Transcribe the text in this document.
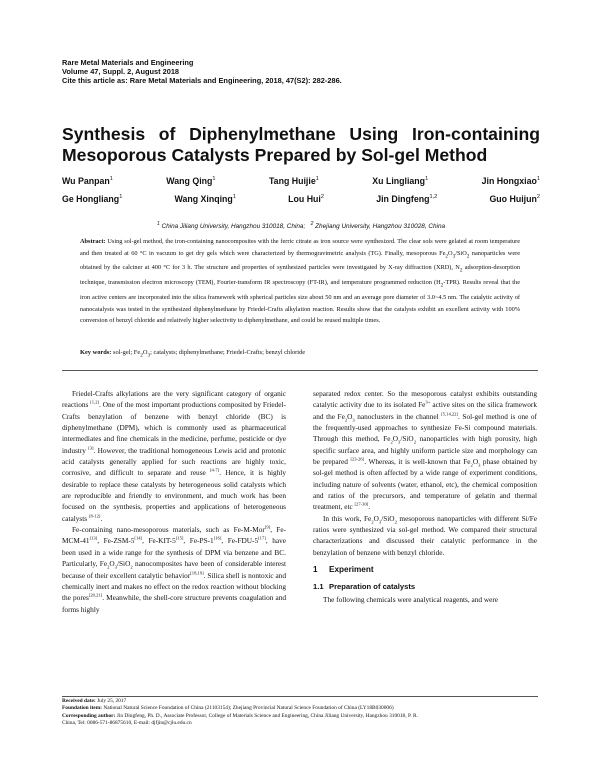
Rare Metal Materials and Engineering
Volume 47, Suppl. 2, August 2018
Cite this article as: Rare Metal Materials and Engineering, 2018, 47(S2): 282-286.
Synthesis of Diphenylmethane Using Iron-containing
Mesoporous Catalysts Prepared by Sol-gel Method
Wu Panpan$^1$	Wang Qing$^1$	Tang Huijie$^1$	Xu Lingliang$^1$	Jin Hongxiao$^1$
Ge Hongliang$^1$	Wang Xinqing$^1$	Lou Hui$^2$	Jin Dingfeng$^{1,2}$	Guo Huijun$^2$
$^1$ China Jiliang University, Hangzhou 310018, China; $^2$ Zhejiang University, Hangzhou 310028, China
Abstract: Using sol-gel method, the iron-containing nanocomposites with the ferric citrate as iron source were synthesized. The clear sols were gelated at room temperature and then treated at 60 °C in vacuum to get dry gels which were characterized by thermogravimetric analysis (TG). Finally, mesoporous $Fe_2O_3/SiO_2$ nanoparticles were obtained by the calciner at 400 °C for 3 h. The structure and properties of synthesized particles were investigated by X-ray diffraction (XRD), $N_2$ adsorption-desorption technique, transmission electron microscopy (TEM), Fourier-transform IR spectroscopy (FT-IR), and temperature programmed reduction $(H_2-TPR)$. Results reveal that the iron active centers are incorporated into the silica framework with spherical particles size about 50 nm and an average pore diameter of 3.0~4.5 nm. The catalytic activity of nanocatalysts was tested in the synthesized diphenylmethane by Friedel-Crafts alkylation reaction. Results show that the catalysts exhibit an excellent activity with 100% conversion of benzyl chloride and relatively higher selectivity to diphenylmethane, and could be reused multiple times.
Key words: sol-gel; $Fe_2O_3$; catalysts; diphenylmethane; Friedel-Crafts; benzyl chloride

Friedel-Crafts alkylations are the very significant category of organic reactions [1,2]. One of the most important productions composited by Friedel-Crafts benzylation of benzene with benzyl chloride (BC) is diphenylmethane (DPM), which is commonly used as pharmaceutical intermediates and fine chemicals in the medicine, perfume, pesticide or dye industry [3]. However, the traditional homogeneous Lewis acid and protonic acid catalysts generally applied for such reactions are highly toxic, corrosive, and difficult to separate and reuse [4-7]. Hence, it is highly desirable to replace these catalysts by heterogeneous solid catalysts which are reproducible and friendly to environment, and much work has been focused on the synthesis, properties and applications of heterogeneous catalysts [8-12].

Fe-containing nano-mesoporous materials, such as Fe-M-Mor[9], Fe-MCM-41[13], Fe-ZSM-5[14], Fe-KIT-5[15], Fe-PS-1[16], Fe-FDU-5[17], have been used in a wide range for the synthesis of DPM via benzene and BC. Particularly, $Fe_2O_3/SiO_2$ nanocomposites have been of considerable interest because of their excellent catalytic behavior[18,19]. Silica shell is nontoxic and chemically inert and makes no effect on the redox reaction without blocking the pores[20,21]. Meanwhile, the shell-core structure prevents coagulation and forms highly

separated redox center. So the mesoporous catalyst exhibits outstanding catalytic activity due to its isolated $Fe^{3+}$ active sites on the silica framework and the $Fe_2O_3$ nanoclusters in the channel [5,14,22]. Sol-gel method is one of the frequently-used approaches to synthesize Fe-Si compound materials. Through this method, $Fe_2O_3/SiO_2$ nanoparticles with high porosity, high specific surface area, and highly uniform particle size and morphology can be prepared [23-26]. Whereas, it is well-known that $Fe_2O_3$ phase obtained by sol-gel method is often affected by a wide range of experiment conditions, including nature of solvents (water, ethanol, etc), the chemical composition and ratios of the precursors, and temperature of gelatin and thermal treatment, etc [27-30].

In this work, $Fe_2O_3/SiO_2$ mesoporous nanoparticles with different Si/Fe ratios were synthesized via sol-gel method. We compared their structural characterizations and discussed their catalytic performance in the benzylation of benzene with benzyl chloride.

1 Experiment
1.1 Preparation of catalysts

The following chemicals were analytical reagents, and were

Received date: July 25, 2017
Foundation item: National Natural Science Foundation of China (21103154); Zhejiang Provincial Natural Science Foundation of China (LY18B030006)
Corresponding author: Jin Dingfeng, Ph. D., Associate Professor, College of Materials Science and Engineering, China Jiliang University, Hangzhou 310018, P. R.
China, Tel: 0086-571-86875610, E-mail: djfjin@cjlu.edu.cn
